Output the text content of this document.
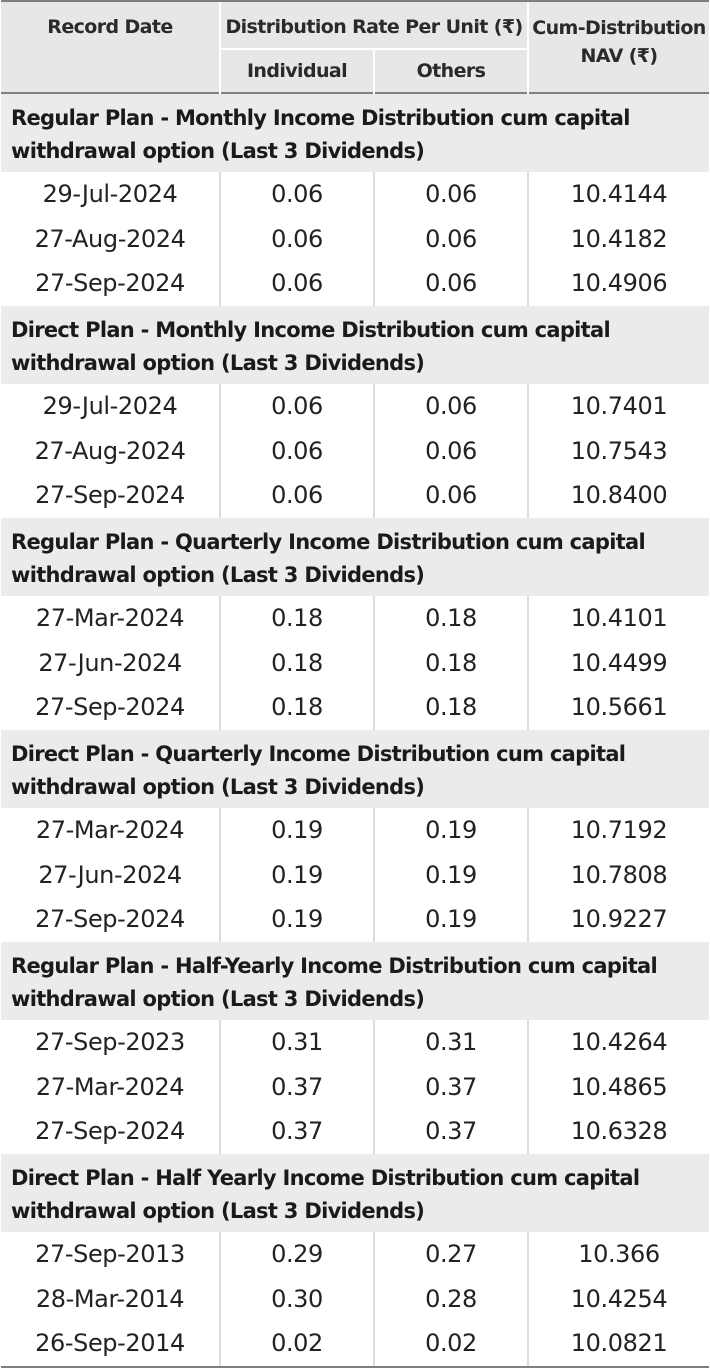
Record Date	Distribution Rate Per Unit (₹)
Individual	Others
Cum-Distribution NAV (₹)
Regular Plan - Monthly Income Distribution cum capital withdrawal option (Last 3 Dividends)
29-Jul-2024	0.06	0.06	10.4144
27-Aug-2024	0.06	0.06	10.4182
27-Sep-2024	0.06	0.06	10.4906
Direct Plan - Monthly Income Distribution cum capital withdrawal option (Last 3 Dividends)
29-Jul-2024	0.06	0.06	10.7401
27-Aug-2024	0.06	0.06	10.7543
27-Sep-2024	0.06	0.06	10.8400
Regular Plan - Quarterly Income Distribution cum capital withdrawal option (Last 3 Dividends)
27-Mar-2024	0.18	0.18	10.4101
27-Jun-2024	0.18	0.18	10.4499
27-Sep-2024	0.18	0.18	10.5661
Direct Plan - Quarterly Income Distribution cum capital withdrawal option (Last 3 Dividends)
27-Mar-2024	0.19	0.19	10.7192
27-Jun-2024	0.19	0.19	10.7808
27-Sep-2024	0.19	0.19	10.9227
Regular Plan - Half-Yearly Income Distribution cum capital withdrawal option (Last 3 Dividends)
27-Sep-2023	0.31	0.31	10.4264
27-Mar-2024	0.37	0.37	10.4865
27-Sep-2024	0.37	0.37	10.6328
Direct Plan - Half Yearly Income Distribution cum capital withdrawal option (Last 3 Dividends)
27-Sep-2013	0.29	0.27	10.366
28-Mar-2014	0.30	0.28	10.4254
26-Sep-2014	0.02	0.02	10.0821
